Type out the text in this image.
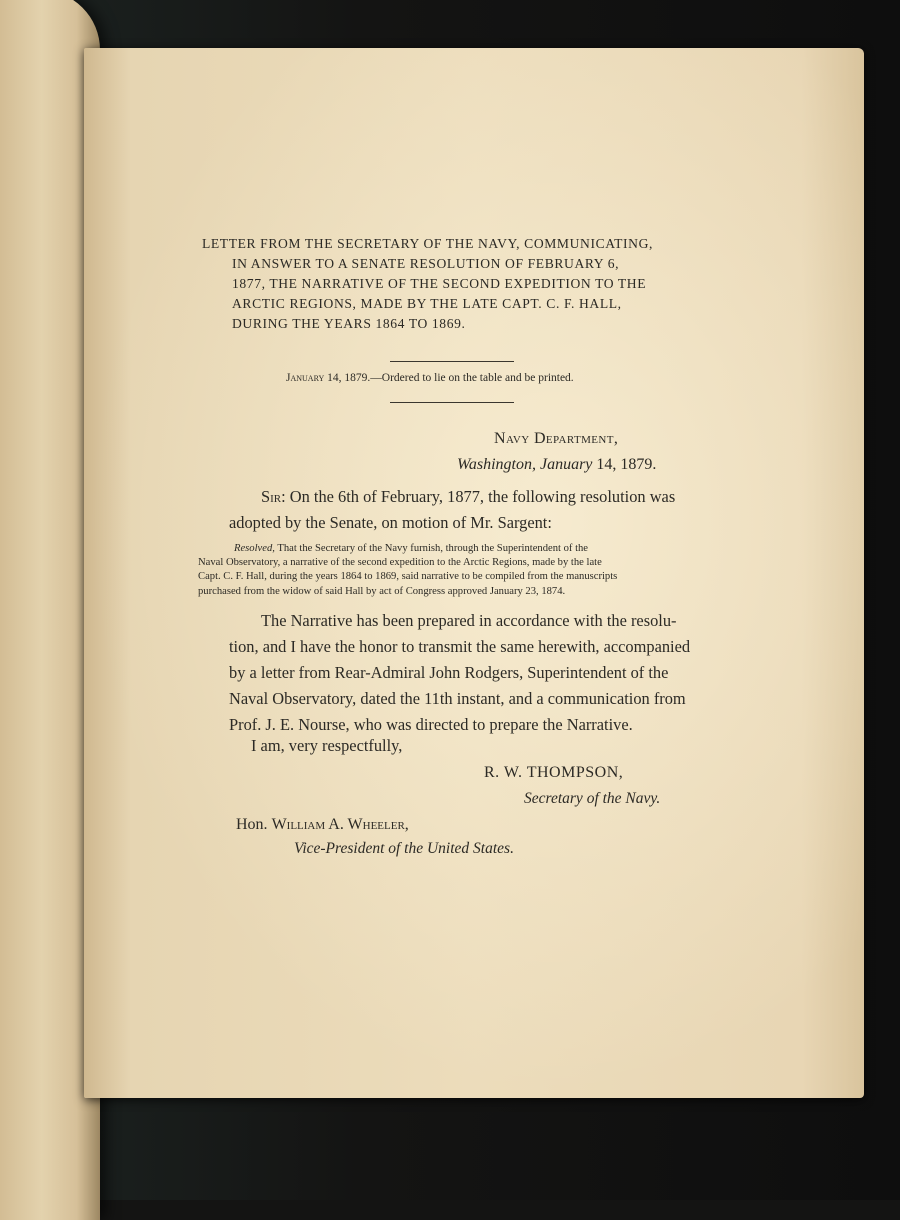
LETTER FROM THE SECRETARY OF THE NAVY, COMMUNICATING,
IN ANSWER TO A SENATE RESOLUTION OF FEBRUARY 6,
1877, THE NARRATIVE OF THE SECOND EXPEDITION TO THE
ARCTIC REGIONS, MADE BY THE LATE CAPT. C. F. HALL,
DURING THE YEARS 1864 TO 1869.
January 14, 1879.—Ordered to lie on the table and be printed.
Navy Department,
Washington, January 14, 1879.
Sir: On the 6th of February, 1877, the following resolution was
adopted by the Senate, on motion of Mr. Sargent:
Resolved, That the Secretary of the Navy furnish, through the Superintendent of the
Naval Observatory, a narrative of the second expedition to the Arctic Regions, made by the late
Capt. C. F. Hall, during the years 1864 to 1869, said narrative to be compiled from the manuscripts
purchased from the widow of said Hall by act of Congress approved January 23, 1874.
The Narrative has been prepared in accordance with the resolu-
tion, and I have the honor to transmit the same herewith, accompanied
by a letter from Rear-Admiral John Rodgers, Superintendent of the
Naval Observatory, dated the 11th instant, and a communication from
Prof. J. E. Nourse, who was directed to prepare the Narrative.
I am, very respectfully,
R. W. THOMPSON,
Secretary of the Navy.
Hon. William A. Wheeler,
Vice-President of the United States.
